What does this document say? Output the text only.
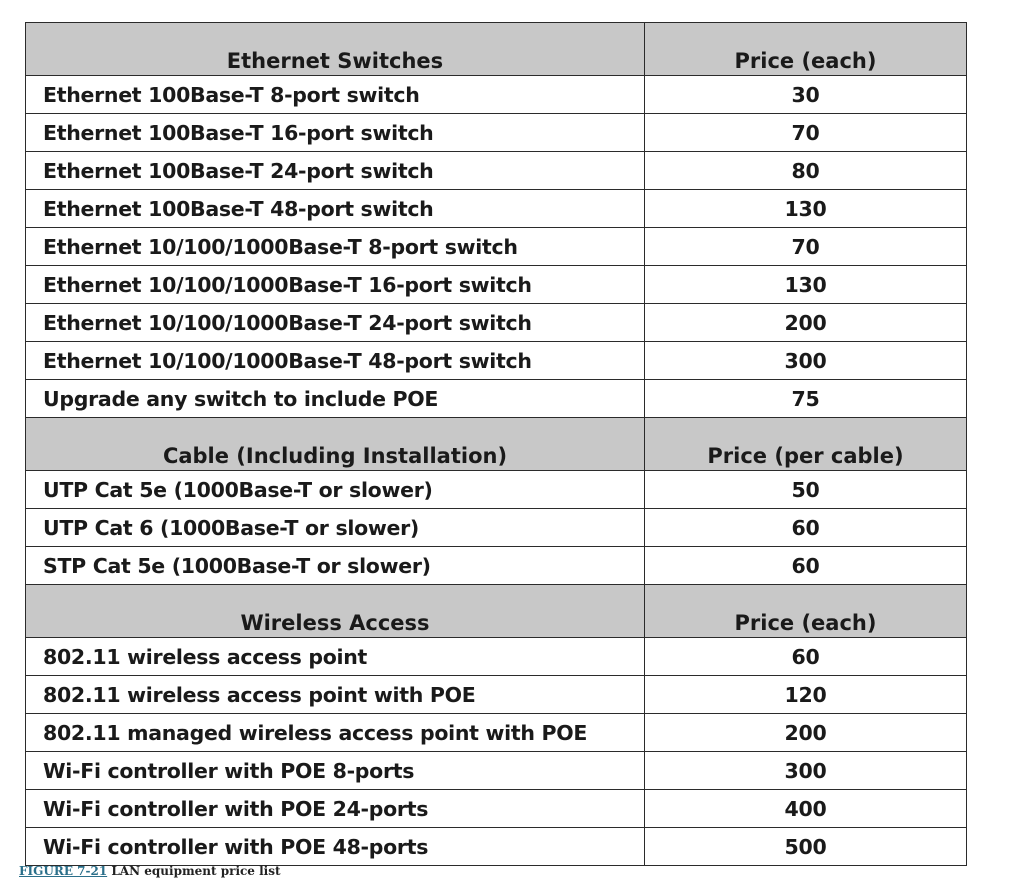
Ethernet Switches	Price (each)
Ethernet 100Base-T 8-port switch	30
Ethernet 100Base-T 16-port switch	70
Ethernet 100Base-T 24-port switch	80
Ethernet 100Base-T 48-port switch	130
Ethernet 10/100/1000Base-T 8-port switch	70
Ethernet 10/100/1000Base-T 16-port switch	130
Ethernet 10/100/1000Base-T 24-port switch	200
Ethernet 10/100/1000Base-T 48-port switch	300
Upgrade any switch to include POE	75
Cable (Including Installation)	Price (per cable)
UTP Cat 5e (1000Base-T or slower)	50
UTP Cat 6 (1000Base-T or slower)	60
STP Cat 5e (1000Base-T or slower)	60
Wireless Access	Price (each)
802.11 wireless access point	60
802.11 wireless access point with POE	120
802.11 managed wireless access point with POE	200
Wi-Fi controller with POE 8-ports	300
Wi-Fi controller with POE 24-ports	400
Wi-Fi controller with POE 48-ports	500
FIGURE 7-21 LAN equipment price list
